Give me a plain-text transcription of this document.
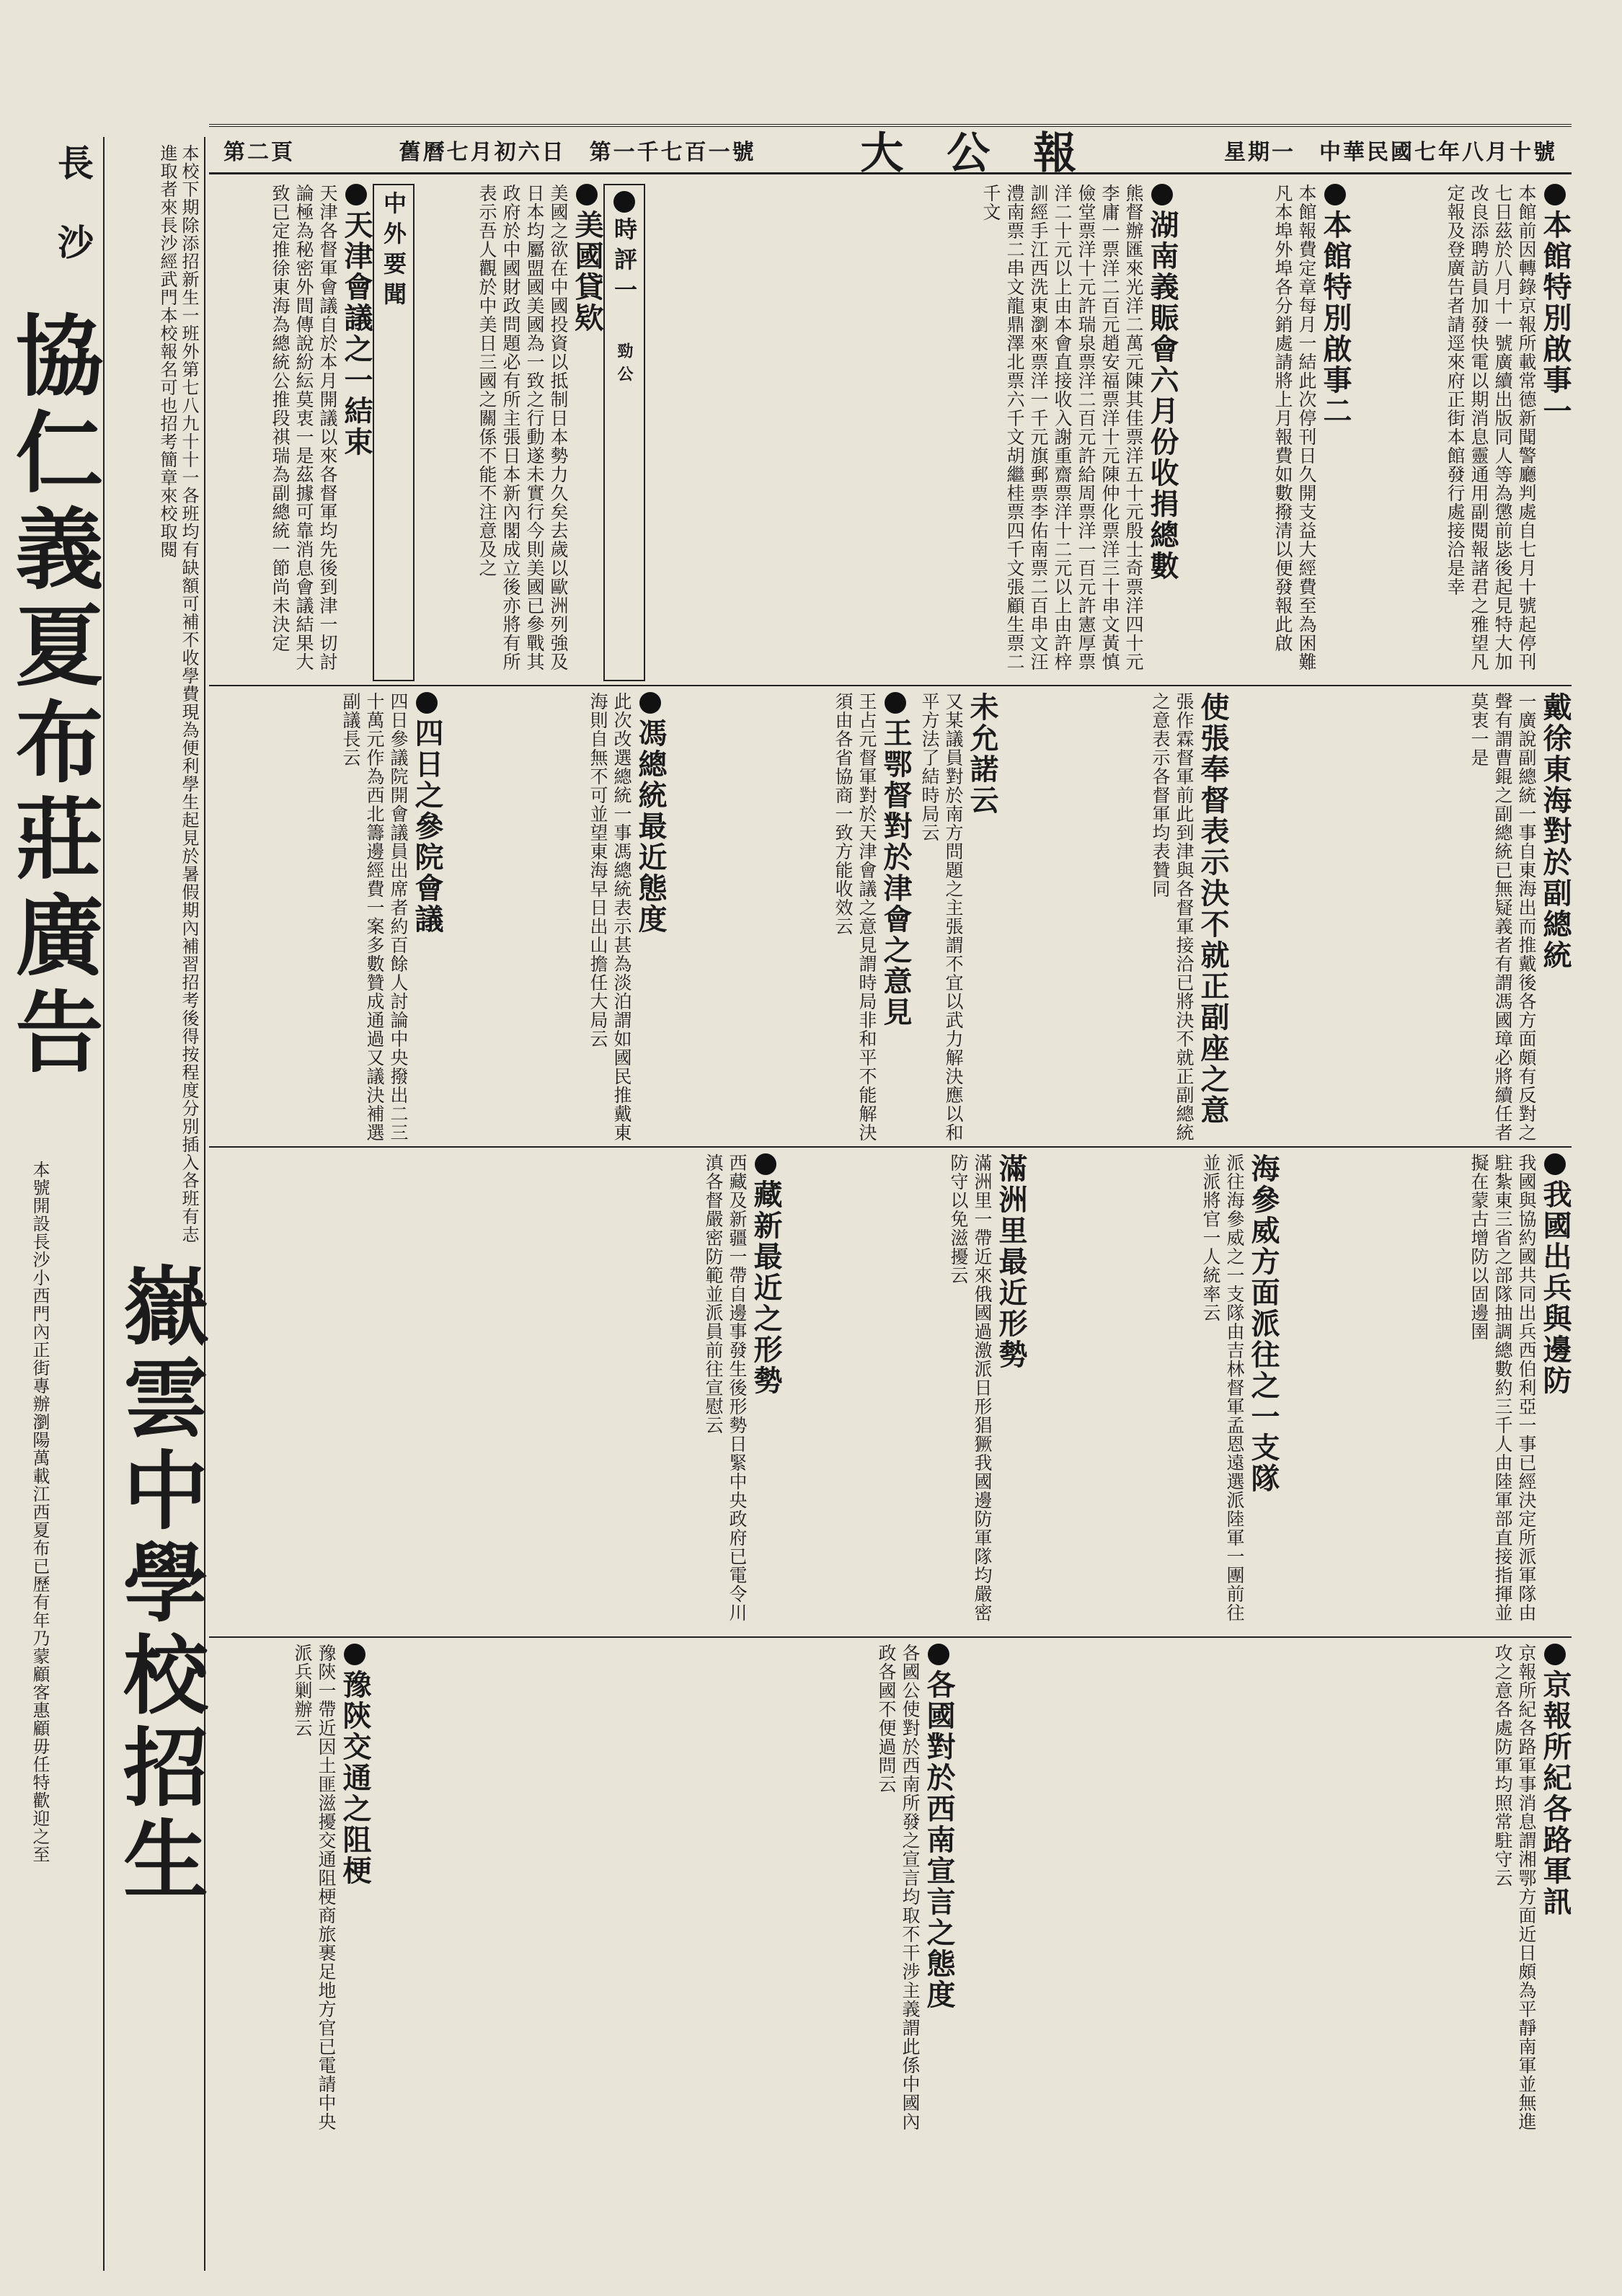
長沙
協仁義夏布莊廣告
本號開設長沙小西門內正街專辦瀏陽萬載江西夏布已歷有年乃蒙顧客惠顧毋任特歡迎之至 嶽雲中學校招生
本校下期除添招新生一班外第七八九十十一各班均有缺額可補不收學費現為便利學生起見於暑假期內補習招考後得按程度分別插入各班有志進取者來長沙經武門本校報名可也招考簡章來校取閱	第二頁	舊曆七月初六日　 第一千七百一號 大公報	星期一　 中華民國七年八月十號
本館特別啟事一
本館前因轉錄京報所載常德新聞警廳判處自七月十號起停刊七日茲於八月十一號廣續出版同人等為懲前毖後起見特大加改良添聘訪員加發快電以期消息靈通用副閱報諸君之雅望凡定報及登廣告者請逕來府正街本館發行處接洽是幸
本館特別啟事二
本館報費定章每月一結此次停刊日久開支益大經費至為困難凡本埠外埠各分銷處請將上月報費如數撥清以便發報此啟
湖南義賑會六月份收捐總數
熊督辦匯來光洋二萬元陳其佳票洋五十元殷士奇票洋四十元李庸一票洋二百元趙安福票洋十元陳仲化票洋三十串文黃慎儉堂票洋十元許瑞泉票洋二百元許給周票洋一百元許憲厚票洋二十元以上由本會直接收入謝重齋票洋十二元以上由許梓訓經手江西洗東瀏來票洋一千元旗郵票李佑南票二百串文汪澧南票二串文龍鼎澤北票六千文胡繼桂票四千文張顧生票二千文
時評一 勁公
美國貸欵
美國之欲在中國投資以抵制日本勢力久矣去歲以歐洲列強及日本均屬盟國美國為一致之行動遂未實行今則美國已參戰其政府於中國財政問題必有所主張日本新內閣成立後亦將有所表示吾人觀於中美日三國之關係不能不注意及之
中外要聞
天津會議之一結束
天津各督軍會議自於本月開議以來各督軍均先後到津一切討論極為秘密外間傳說紛紜莫衷一是茲據可靠消息會議結果大致已定推徐東海為總統公推段祺瑞為副總統一節尚未決定
戴徐東海對於副總統
一廣說副總統一事自東海出而推戴後各方面頗有反對之聲有謂曹錕之副總統已無疑義者有謂馮國璋必將續任者莫衷一是
使張奉督表示決不就正副座之意
張作霖督軍前此到津與各督軍接洽已將決不就正副總統之意表示各督軍均表贊同
未允諾云
又某議員對於南方問題之主張謂不宜以武力解決應以和平方法了結時局云
王鄂督對於津會之意見
王占元督軍對於天津會議之意見謂時局非和平不能解決須由各省協商一致方能收效云
馮總統最近態度
此次改選總統一事馮總統表示甚為淡泊謂如國民推戴東海則自無不可並望東海早日出山擔任大局云
四日之參院會議
四日參議院開會議員出席者約百餘人討論中央撥出二三十萬元作為西北籌邊經費一案多數贊成通過又議決補選副議長云
我國出兵與邊防
我國與協約國共同出兵西伯利亞一事已經決定所派軍隊由駐紮東三省之部隊抽調總數約三千人由陸軍部直接指揮並擬在蒙古增防以固邊圉
海參威方面派往之一支隊
派往海參威之一支隊由吉林督軍孟恩遠選派陸軍一團前往並派將官一人統率云
滿洲里最近形勢
滿洲里一帶近來俄國過激派日形猖獗我國邊防軍隊均嚴密防守以免滋擾云
藏新最近之形勢
西藏及新疆一帶自邊事發生後形勢日緊中央政府已電令川滇各督嚴密防範並派員前往宣慰云
京報所紀各路軍訊
京報所紀各路軍事消息謂湘鄂方面近日頗為平靜南軍並無進攻之意各處防軍均照常駐守云
各國對於西南宣言之態度
各國公使對於西南所發之宣言均取不干涉主義謂此係中國內政各國不便過問云
豫陝交通之阻梗
豫陝一帶近因土匪滋擾交通阻梗商旅裹足地方官已電請中央派兵剿辦云
